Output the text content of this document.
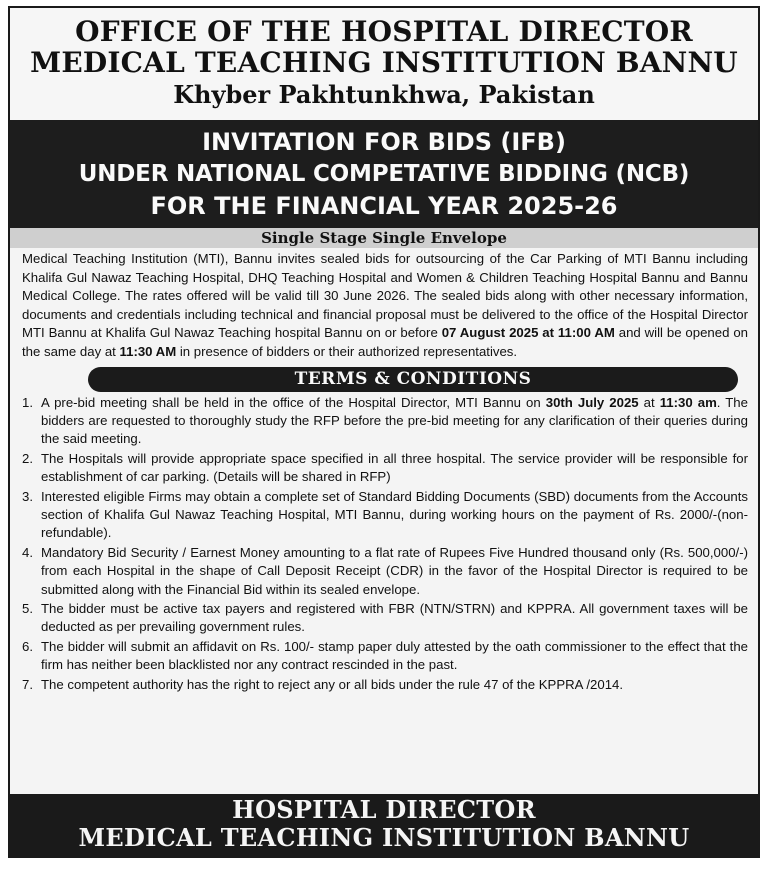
OFFICE OF THE HOSPITAL DIRECTOR
MEDICAL TEACHING INSTITUTION BANNU
Khyber Pakhtunkhwa, Pakistan
INVITATION FOR BIDS (IFB)
UNDER NATIONAL COMPETATIVE BIDDING (NCB)
FOR THE FINANCIAL YEAR 2025-26
Single Stage Single Envelope
Medical Teaching Institution (MTI), Bannu invites sealed bids for outsourcing of the Car Parking of MTI Bannu including Khalifa Gul Nawaz Teaching Hospital, DHQ Teaching Hospital and Women & Children Teaching Hospital Bannu and Bannu Medical College. The rates offered will be valid till 30 June 2026. The sealed bids along with other necessary information, documents and credentials including technical and financial proposal must be delivered to the office of the Hospital Director MTI Bannu at Khalifa Gul Nawaz Teaching hospital Bannu on or before 07 August 2025 at 11:00 AM and will be opened on the same day at 11:30 AM in presence of bidders or their authorized representatives.
TERMS & CONDITIONS
1. A pre-bid meeting shall be held in the office of the Hospital Director, MTI Bannu on 30th July 2025 at 11:30 am. The bidders are requested to thoroughly study the RFP before the pre-bid meeting for any clarification of their queries during the said meeting.
2. The Hospitals will provide appropriate space specified in all three hospital. The service provider will be responsible for establishment of car parking. (Details will be shared in RFP)
3. Interested eligible Firms may obtain a complete set of Standard Bidding Documents (SBD) documents from the Accounts section of Khalifa Gul Nawaz Teaching Hospital, MTI Bannu, during working hours on the payment of Rs. 2000/-(non-refundable).
4. Mandatory Bid Security / Earnest Money amounting to a flat rate of Rupees Five Hundred thousand only (Rs. 500,000/-) from each Hospital in the shape of Call Deposit Receipt (CDR) in the favor of the Hospital Director is required to be submitted along with the Financial Bid within its sealed envelope.
5. The bidder must be active tax payers and registered with FBR (NTN/STRN) and KPPRA. All government taxes will be deducted as per prevailing government rules.
6. The bidder will submit an affidavit on Rs. 100/- stamp paper duly attested by the oath commissioner to the effect that the firm has neither been blacklisted nor any contract rescinded in the past.
7. The competent authority has the right to reject any or all bids under the rule 47 of the KPPRA /2014.
HOSPITAL DIRECTOR
MEDICAL TEACHING INSTITUTION BANNU
